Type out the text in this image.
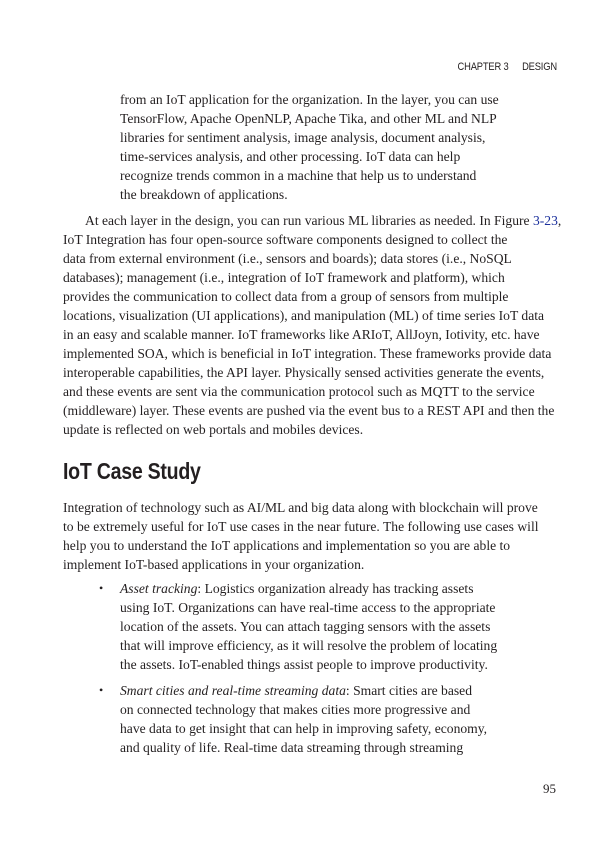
CHAPTER 3 DESIGN
from an IoT application for the organization. In the layer, you can use
TensorFlow, Apache OpenNLP, Apache Tika, and other ML and NLP
libraries for sentiment analysis, image analysis, document analysis,
time-services analysis, and other processing. IoT data can help
recognize trends common in a machine that help us to understand
the breakdown of applications.
At each layer in the design, you can run various ML libraries as needed. In Figure 3-23,
IoT Integration has four open-source software components designed to collect the
data from external environment (i.e., sensors and boards); data stores (i.e., NoSQL
databases); management (i.e., integration of IoT framework and platform), which
provides the communication to collect data from a group of sensors from multiple
locations, visualization (UI applications), and manipulation (ML) of time series IoT data
in an easy and scalable manner. IoT frameworks like ARIoT, AllJoyn, Iotivity, etc. have
implemented SOA, which is beneficial in IoT integration. These frameworks provide data
interoperable capabilities, the API layer. Physically sensed activities generate the events,
and these events are sent via the communication protocol such as MQTT to the service
(middleware) layer. These events are pushed via the event bus to a REST API and then the
update is reflected on web portals and mobiles devices.
IoT Case Study
Integration of technology such as AI/ML and big data along with blockchain will prove
to be extremely useful for IoT use cases in the near future. The following use cases will
help you to understand the IoT applications and implementation so you are able to
implement IoT-based applications in your organization.
• Asset tracking: Logistics organization already has tracking assets
using IoT. Organizations can have real-time access to the appropriate
location of the assets. You can attach tagging sensors with the assets
that will improve efficiency, as it will resolve the problem of locating
the assets. IoT-enabled things assist people to improve productivity.
• Smart cities and real-time streaming data: Smart cities are based
on connected technology that makes cities more progressive and
have data to get insight that can help in improving safety, economy,
and quality of life. Real-time data streaming through streaming
95
